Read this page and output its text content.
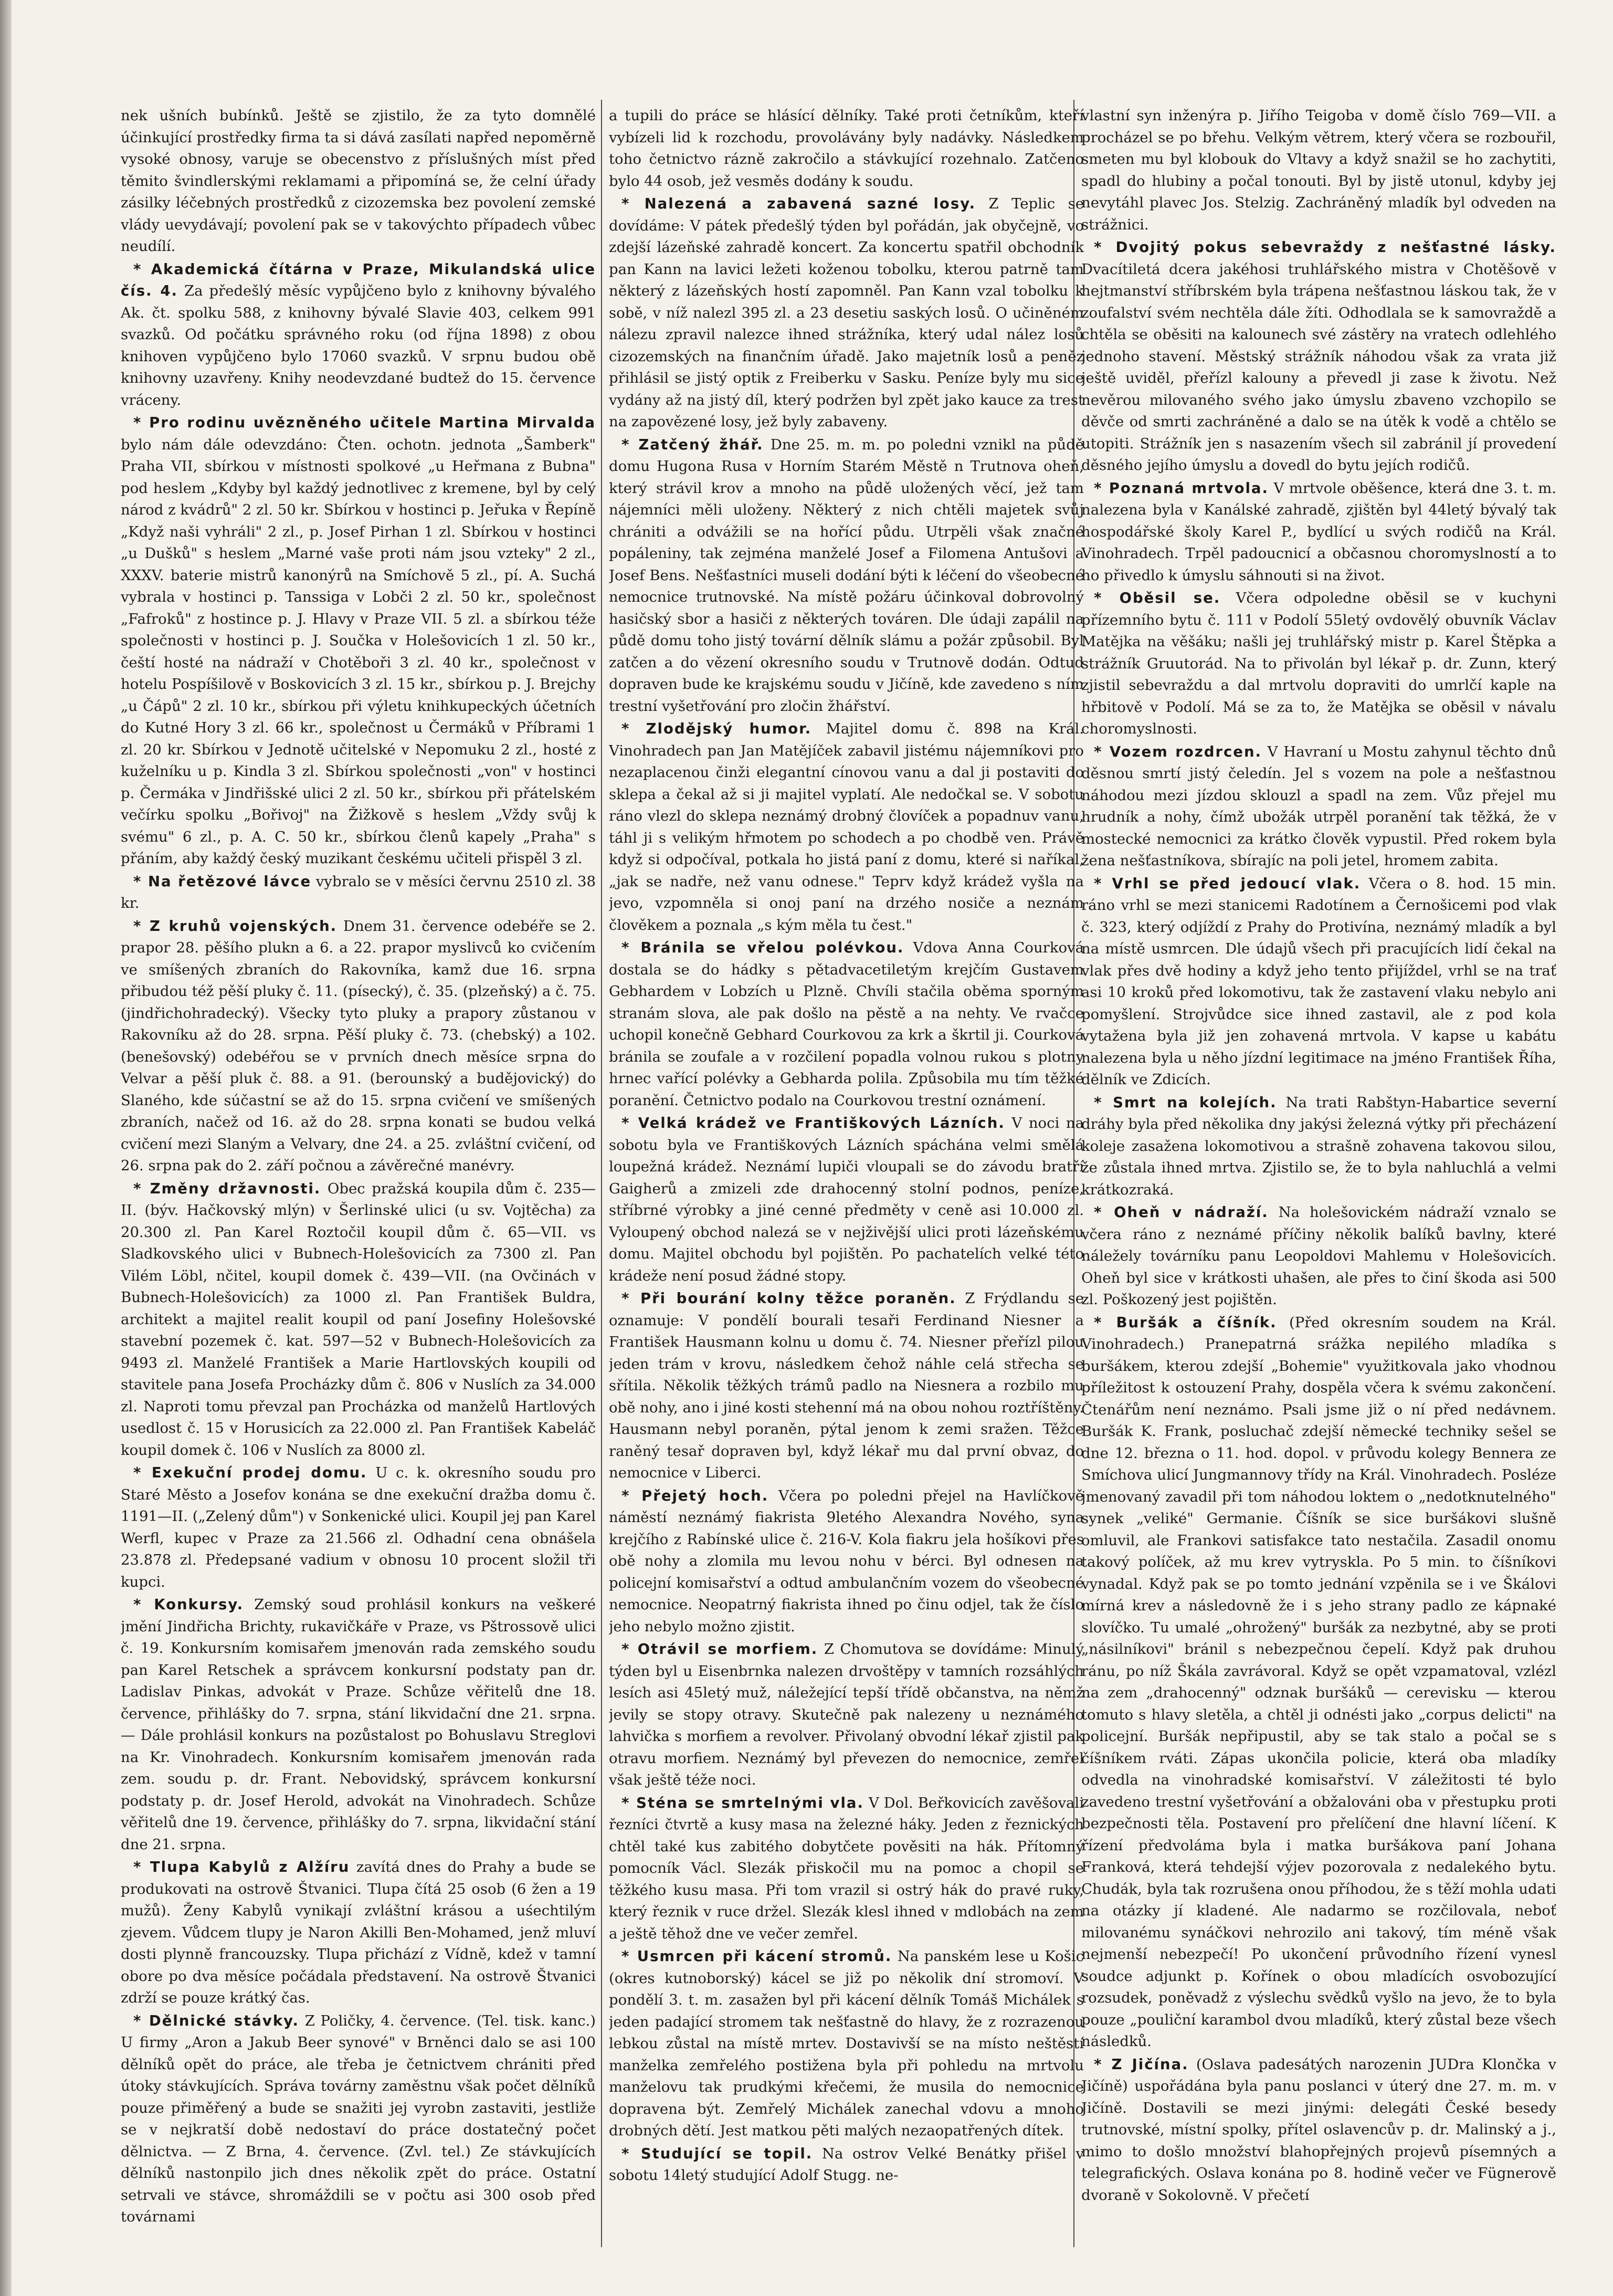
nek ušních bubínků. Ještě se zjistilo, že za tyto domnělé účinkující prostředky firma ta si dává zasílati napřed nepoměrně vysoké obnosy, varuje se obecenstvo z příslušných míst před těmito švindlerskými reklamami a připomíná se, že celní úřady zásilky léčebných prostředků z cizozemska bez povolení zemské vlády uevydávají; povolení pak se v takovýchto případech vůbec neudílí.

* Akademická čítárna v Praze, Mikulandská ulice čís. 4. Za předešlý měsíc vypůjčeno bylo z knihovny bývalého Ak. čt. spolku 588, z knihovny bývalé Slavie 403, celkem 991 svazků. Od počátku správného roku (od října 1898) z obou knihoven vypůjčeno bylo 17060 svazků. V srpnu budou obě knihovny uzavřeny. Knihy neodevzdané budtež do 15. července vráceny.

* Pro rodinu uvězněného učitele Martina Mirvalda bylo nám dále odevzdáno: Čten. ochotn. jednota „Šamberk" Praha VII, sbírkou v místnosti spolkové „u Heřmana z Bubna" pod heslem „Kdyby byl každý jednotlivec z kremene, byl by celý národ z kvádrů" 2 zl. 50 kr. Sbírkou v hostinci p. Jeřuka v Řepíně „Když naši vyhráli" 2 zl., p. Josef Pirhan 1 zl. Sbírkou v hostinci „u Dušků" s heslem „Marné vaše proti nám jsou vzteky" 2 zl., XXXV. baterie mistrů kanonýrů na Smíchově 5 zl., pí. A. Suchá vybrala v hostinci p. Tanssiga v Lobči 2 zl. 50 kr., společnost „Fafroků" z hostince p. J. Hlavy v Praze VII. 5 zl. a sbírkou téže společnosti v hostinci p. J. Součka v Holešovicích 1 zl. 50 kr., čeští hosté na nádraží v Chotěboři 3 zl. 40 kr., společnost v hotelu Pospíšilově v Boskovicích 3 zl. 15 kr., sbírkou p. J. Brejchy „u Čápů" 2 zl. 10 kr., sbírkou při výletu knihkupeckých účetních do Kutné Hory 3 zl. 66 kr., společnost u Čermáků v Příbrami 1 zl. 20 kr. Sbírkou v Jednotě učitelské v Nepomuku 2 zl., hosté z kuželníku u p. Kindla 3 zl. Sbírkou společnosti „von" v hostinci p. Čermáka v Jindřišské ulici 2 zl. 50 kr., sbírkou při přátelském večírku spolku „Bořivoj" na Žižkově s heslem „Vždy svůj k svému" 6 zl., p. A. C. 50 kr., sbírkou členů kapely „Praha" s přáním, aby každý český muzikant českému učiteli přispěl 3 zl.

* Na řetězové lávce vybralo se v měsíci červnu 2510 zl. 38 kr.

* Z kruhů vojenských. Dnem 31. července odebéře se 2. prapor 28. pěšího plukn a 6. a 22. prapor myslivců ko cvičením ve smíšených zbraních do Rakovníka, kamž due 16. srpna přibudou též pěší pluky č. 11. (písecký), č. 35. (plzeňský) a č. 75. (jindřichohradecký). Všecky tyto pluky a prapory zůstanou v Rakovníku až do 28. srpna. Pěší pluky č. 73. (chebský) a 102. (benešovský) odebéřou se v prvních dnech měsíce srpna do Velvar a pěší pluk č. 88. a 91. (berounský a budějovický) do Slaného, kde súčastní se až do 15. srpna cvičení ve smíšených zbraních, načež od 16. až do 28. srpna konati se budou velká cvičení mezi Slaným a Velvary, dne 24. a 25. zvláštní cvičení, od 26. srpna pak do 2. září počnou a závěrečné manévry.

* Změny državnosti. Obec pražská koupila dům č. 235—II. (býv. Hačkovský mlýn) v Šerlinské ulici (u sv. Vojtěcha) za 20.300 zl. Pan Karel Roztočil koupil dům č. 65—VII. vs Sladkovského ulici v Bubnech-Holešovicích za 7300 zl. Pan Vilém Löbl, nčitel, koupil domek č. 439—VII. (na Ovčinách v Bubnech-Holešovicích) za 1000 zl. Pan František Buldra, architekt a majitel realit koupil od paní Josefiny Holešovské stavební pozemek č. kat. 597—52 v Bubnech-Holešovicích za 9493 zl. Manželé František a Marie Hartlovských koupili od stavitele pana Josefa Procházky dům č. 806 v Nuslích za 34.000 zl. Naproti tomu převzal pan Procházka od manželů Hartlových usedlost č. 15 v Horusicích za 22.000 zl. Pan František Kabeláč koupil domek č. 106 v Nuslích za 8000 zl.

* Exekuční prodej domu. U c. k. okresního soudu pro Staré Město a Josefov konána se dne exekuční dražba domu č. 1191—II. („Zelený dům") v Sonkenické ulici. Koupil jej pan Karel Werfl, kupec v Praze za 21.566 zl. Odhadní cena obnášela 23.878 zl. Předepsané vadium v obnosu 10 procent složil tři kupci.

* Konkursy. Zemský soud prohlásil konkurs na veškeré jmění Jindřicha Brichty, rukavičkáře v Praze, vs Pštrossově ulici č. 19. Konkursním komisařem jmenován rada zemského soudu pan Karel Retschek a správcem konkursní podstaty pan dr. Ladislav Pinkas, advokát v Praze. Schůze věřitelů dne 18. července, přihlášky do 7. srpna, stání likvidační dne 21. srpna. — Dále prohlásil konkurs na pozůstalost po Bohuslavu Streglovi na Kr. Vinohradech. Konkursním komisařem jmenován rada zem. soudu p. dr. Frant. Nebovidský, správcem konkursní podstaty p. dr. Josef Herold, advokát na Vinohradech. Schůze věřitelů dne 19. července, přihlášky do 7. srpna, likvidační stání dne 21. srpna.

* Tlupa Kabylů z Alžíru zavítá dnes do Prahy a bude se produkovati na ostrově Štvanici. Tlupa čítá 25 osob (6 žen a 19 mužů). Ženy Kabylů vynikají zvláštní krásou a uśechtilým zjevem. Vůdcem tlupy je Naron Akilli Ben-Mohamed, jenž mluví dosti plynně francouzsky. Tlupa přichází z Vídně, kdež v tamní obore po dva měsíce počádala představení. Na ostrově Štvanici zdrží se pouze krátký čas.

* Dělnické stávky. Z Poličky, 4. července. (Tel. tisk. kanc.) U firmy „Aron a Jakub Beer synové" v Brněnci dalo se asi 100 dělníků opět do práce, ale třeba je četnictvem chrániti před útoky stávkujících. Správa továrny zaměstnu však počet dělníků pouze přiměřený a bude se snažiti jej vyrobn zastaviti, jestliže se v nejkratší době nedostaví do práce dostatečný počet dělnictva. — Z Brna, 4. července. (Zvl. tel.) Ze stávkujících dělníků nastonpilo jich dnes několik zpět do práce. Ostatní setrvali ve stávce, shromáždili se v počtu asi 300 osob před továrnami

a tupili do práce se hlásící dělníky. Také proti četníkům, kteří vybízeli lid k rozchodu, provolávány byly nadávky. Následkem toho četnictvo rázně zakročilo a stávkující rozehnalo. Zatčeno bylo 44 osob, jež vesměs dodány k soudu.

* Nalezená a zabavená sazné losy. Z Teplic se dovídáme: V pátek předešlý týden byl pořádán, jak obyčejně, vo zdejší lázeňské zahradě koncert. Za koncertu spatřil obchodník pan Kann na lavici ležeti koženou tobolku, kterou patrně tam některý z lázeňských hostí zapomněl. Pan Kann vzal tobolku k sobě, v níž nalezl 395 zl. a 23 desetiu saských losů. O učiněném nálezu zpravil nalezce ihned strážníka, který udal nález losů cizozemských na finančním úřadě. Jako majetník losů a peněz přihlásil se jistý optik z Freiberku v Sasku. Peníze byly mu sice vydány až na jistý díl, který podržen byl zpět jako kauce za trest na zapovězené losy, jež byly zabaveny.

* Zatčený žhář. Dne 25. m. m. po poledni vznikl na půdě domu Hugona Rusa v Horním Starém Městě n Trutnova oheň, který strávil krov a mnoho na půdě uložených věcí, jež tam nájemníci měli uloženy. Některý z nich chtěli majetek svůj chrániti a odvážili se na hořící půdu. Utrpěli však značné popáleniny, tak zejména manželé Josef a Filomena Antušovi a Josef Bens. Nešťastníci museli dodání býti k léčení do všeobecné nemocnice trutnovské. Na místě požáru účinkoval dobrovolný hasičský sbor a hasiči z některých továren. Dle údaji zapálil na půdě domu toho jistý tovární dělník slámu a požár způsobil. Byl zatčen a do vězení okresního soudu v Trutnově dodán. Odtud dopraven bude ke krajskému soudu v Jičíně, kde zavedeno s ním trestní vyšetřování pro zločin žhářství.

* Zlodějský humor. Majitel domu č. 898 na Král. Vinohradech pan Jan Matějíček zabavil jistému nájemníkovi pro nezaplacenou činži elegantní cínovou vanu a dal ji postaviti do sklepa a čekal až si ji majitel vyplatí. Ale nedočkal se. V sobotu ráno vlezl do sklepa neznámý drobný človíček a popadnuv vanu, táhl ji s velikým hřmotem po schodech a po chodbě ven. Právě když si odpočíval, potkala ho jistá paní z domu, které si naříkal, „jak se nadře, než vanu odnese." Teprv když krádež vyšla na jevo, vzpomněla si onoj paní na drzého nosiče a neznám člověkem a poznala „s kým měla tu čest."

* Bránila se vřelou polévkou. Vdova Anna Courková dostala se do hádky s pětadvacetiletým krejčím Gustavem Gebhardem v Lobzích u Plzně. Chvíli stačila oběma sporným stranám slova, ale pak došlo na pěstě a na nehty. Ve rvačce uchopil konečně Gebhard Courkovou za krk a škrtil ji. Courková bránila se zoufale a v rozčilení popadla volnou rukou s plotny hrnec vařící polévky a Gebharda polila. Způsobila mu tím těžké poranění. Četnictvo podalo na Courkovou trestní oznámení.

* Velká krádež ve Františkových Lázních. V noci na sobotu byla ve Františkových Lázních spáchána velmi smělá loupežná krádež. Neznámí lupiči vloupali se do závodu bratří Gaigherů a zmizeli zde drahocenný stolní podnos, peníze, stříbrné výrobky a jiné cenné předměty v ceně asi 10.000 zl. Vyloupený obchod nalezá se v nejživější ulici proti lázeňskému domu. Majitel obchodu byl pojištěn. Po pachatelích velké této krádeže není posud žádné stopy.

* Při bourání kolny těžce poraněn. Z Frýdlandu se oznamuje: V pondělí bourali tesaři Ferdinand Niesner a František Hausmann kolnu u domu č. 74. Niesner přeřízl pilou jeden trám v krovu, následkem čehož náhle celá střecha se sřítila. Několik těžkých trámů padlo na Niesnera a rozbilo mu obě nohy, ano i jiné kosti stehenní má na obou nohou roztříštěny. Hausmann nebyl poraněn, pýtal jenom k zemi sražen. Těžce raněný tesař dopraven byl, když lékař mu dal první obvaz, do nemocnice v Liberci.

* Přejetý hoch. Včera po poledni přejel na Havlíčkově náměstí neznámý fiakrista 9letého Alexandra Nového, syna krejčího z Rabínské ulice č. 216-V. Kola fiakru jela hošíkovi přes obě nohy a zlomila mu levou nohu v bérci. Byl odnesen na policejní komisařství a odtud ambulančním vozem do všeobecné nemocnice. Neopatrný fiakrista ihned po činu odjel, tak že číslo jeho nebylo možno zjistit.

* Otrávil se morfiem. Z Chomutova se dovídáme: Minulý týden byl u Eisenbrnka nalezen drvoštěpy v tamních rozsáhlých lesích asi 45letý muž, náležející tepší třídě občanstva, na němž jevily se stopy otravy. Skutečně pak nalezeny u neznámého lahvička s morfiem a revolver. Přivolaný obvodní lékař zjistil pak otravu morfiem. Neznámý byl převezen do nemocnice, zemřel však ještě téže noci.

* Sténa se smrtelnými vla. V Dol. Beřkovicích zavěšovali řezníci čtvrtě a kusy masa na železné háky. Jeden z řeznických chtěl také kus zabitého dobytčete pověsiti na hák. Přítomný pomocník Václ. Slezák přiskočil mu na pomoc a chopil se těžkého kusu masa. Při tom vrazil si ostrý hák do pravé ruky, který řeznik v ruce držel. Slezák klesl ihned v mdlobách na zem a ještě těhož dne ve večer zemřel.

* Usmrcen při kácení stromů. Na panském lese u Košic (okres kutnoborský) kácel se již po několik dní stromoví. V pondělí 3. t. m. zasažen byl při kácení dělník Tomáš Michálek s jeden padající stromem tak nešťastně do hlavy, že z rozrazenou lebkou zůstal na místě mrtev. Dostavivší se na místo neštěstí manželka zemřelého postižena byla při pohledu na mrtvolu manželovu tak prudkými křečemi, že musila do nemocnice dopravena být. Zemřelý Michálek zanechal vdovu a mnoho drobných dětí. Jest matkou pěti malých nezaopatřených dítek.

* Studující se topil. Na ostrov Velké Benátky přišel v sobotu 14letý studující Adolf Stugg. ne-

vlastní syn inženýra p. Jiřího Teigoba v domě číslo 769—VII. a procházel se po břehu. Velkým větrem, který včera se rozbouřil, smeten mu byl klobouk do Vltavy a když snažil se ho zachytiti, spadl do hlubiny a počal tonouti. Byl by jistě utonul, kdyby jej nevytáhl plavec Jos. Stelzig. Zachráněný mladík byl odveden na strážnici.

* Dvojitý pokus sebevraždy z nešťastné lásky. Dvacítiletá dcera jakéhosi truhlářského mistra v Chotěšově v hejtmanství stříbrském byla trápena nešťastnou láskou tak, že v zoufalství svém nechtěla dále žíti. Odhodlala se k samovraždě a chtěla se oběsiti na kalounech své zástěry na vratech odlehlého jednoho stavení. Městský strážník náhodou však za vrata již ještě uviděl, přeřízl kalouny a převedl ji zase k životu. Než nevěrou milovaného svého jako úmyslu zbaveno vzchopilo se děvče od smrti zachráněné a dalo se na útěk k vodě a chtělo se utopiti. Strážník jen s nasazením všech sil zabránil jí provedení děsného jejího úmyslu a dovedl do bytu jejích rodičů.

* Poznaná mrtvola. V mrtvole oběšence, která dne 3. t. m. nalezena byla v Kanálské zahradě, zjištěn byl 44letý bývalý tak hospodářské školy Karel P., bydlící u svých rodičů na Král. Vinohradech. Trpěl padoucnicí a občasnou choromyslností a to ho přivedlo k úmyslu sáhnouti si na život.

* Oběsil se. Včera odpoledne oběsil se v kuchyni přízemního bytu č. 111 v Podolí 55letý ovdovělý obuvník Václav Matějka na věšáku; našli jej truhlářský mistr p. Karel Štěpka a strážník Gruutorád. Na to přivolán byl lékař p. dr. Zunn, který zjistil sebevraždu a dal mrtvolu dopraviti do umrlčí kaple na hřbitově v Podolí. Má se za to, že Matějka se oběsil v návalu choromyslnosti.

* Vozem rozdrcen. V Havraní u Mostu zahynul těchto dnů děsnou smrtí jistý čeledín. Jel s vozem na pole a nešťastnou náhodou mezi jízdou sklouzl a spadl na zem. Vůz přejel mu hrudník a nohy, čímž ubožák utrpěl poranění tak těžká, že v mostecké nemocnici za krátko člověk vypustil. Před rokem byla žena nešťastníkova, sbírajíc na poli jetel, hromem zabita.

* Vrhl se před jedoucí vlak. Včera o 8. hod. 15 min. ráno vrhl se mezi stanicemi Radotínem a Černošicemi pod vlak č. 323, který odjíždí z Prahy do Protivína, neznámý mladík a byl na místě usmrcen. Dle údajů všech při pracujících lidí čekal na vlak přes dvě hodiny a když jeho tento přijíždel, vrhl se na trať asi 10 kroků před lokomotivu, tak že zastavení vlaku nebylo ani pomyšlení. Strojvůdce sice ihned zastavil, ale z pod kola vytažena byla již jen zohavená mrtvola. V kapse u kabátu nalezena byla u něho jízdní legitimace na jméno František Říha, dělník ve Zdicích.

* Smrt na kolejích. Na trati Rabštyn-Habartice severní dráhy byla před několika dny jakýsi železná výtky při přecházení koleje zasažena lokomotivou a strašně zohavena takovou silou, že zůstala ihned mrtva. Zjistilo se, že to byla nahluchlá a velmi krátkozraká.

* Oheň v nádraží. Na holešovickém nádraží vznalo se včera ráno z neznámé příčiny několik balíků bavlny, které náležely továrníku panu Leopoldovi Mahlemu v Holešovicích. Oheň byl sice v krátkosti uhašen, ale přes to činí škoda asi 500 zl. Poškozený jest pojištěn.

* Buršák a číšník. (Před okresním soudem na Král. Vinohradech.) Pranepatrná srážka nepilého mladíka s buršákem, kterou zdejší „Bohemie" využitkovala jako vhodnou příležitost k ostouzení Prahy, dospěla včera k svému zakončení. Čtenářům není neznámo. Psali jsme již o ní před nedávnem. Buršák K. Frank, posluchač zdejší německé techniky sešel se dne 12. března o 11. hod. dopol. v průvodu kolegy Bennera ze Smíchova ulicí Jungmannovy třídy na Král. Vinohradech. Posléze jmenovaný zavadil při tom náhodou loktem o „nedotknutelného" synek „veliké" Germanie. Číšník se sice buršákovi slušně omluvil, ale Frankovi satisfakce tato nestačila. Zasadil onomu takový políček, až mu krev vytryskla. Po 5 min. to číšníkovi vynadal. Když pak se po tomto jednání vzpěnila se i ve Škálovi mírná krev a následovně že i s jeho strany padlo ze kápnaké slovíčko. Tu umalé „ohrožený" buršák za nezbytné, aby se proti „násilníkovi" bránil s nebezpečnou čepelí. Když pak druhou ránu, po níž Škála zavrávoral. Když se opět vzpamatoval, vzlézl na zem „drahocenný" odznak buršáků — cerevisku — kterou tomuto s hlavy sletěla, a chtěl ji odnésti jako „corpus delicti" na policejní. Buršák nepřipustil, aby se tak stalo a počal se s číšníkem rváti. Zápas ukončila policie, která oba mladíky odvedla na vinohradské komisařství. V záležitosti té bylo zavedeno trestní vyšetřování a obžalováni oba v přestupku proti bezpečnosti těla. Postavení pro přelíčení dne hlavní líčení. K řízení předvoláma byla i matka buršákova paní Johana Franková, která tehdejší výjev pozorovala z nedalekého bytu. Chudák, byla tak rozrušena onou příhodou, že s těží mohla udati na otázky jí kladené. Ale nadarmo se rozčilovala, neboť milovanému synáčkovi nehrozilo ani takový, tím méně však nejmenší nebezpečí! Po ukončení průvodního řízení vynesl soudce adjunkt p. Kořínek o obou mladících osvobozující rozsudek, poněvadž z výslechu svědků vyšlo na jevo, že to byla pouze „pouliční karambol dvou mladíků, který zůstal beze všech následků.

* Z Jičína. (Oslava padesátých narozenin JUDra Klončka v Jičíně) uspořádána byla panu poslanci v úterý dne 27. m. m. v Jičíně. Dostavili se mezi jinými: delegáti České besedy trutnovské, místní spolky, přítel oslavencův p. dr. Malinský a j., mimo to došlo množství blahopřejných projevů písemných a telegrafických. Oslava konána po 8. hodině večer ve Fügnerově dvoraně v Sokolovně. V přečetí
